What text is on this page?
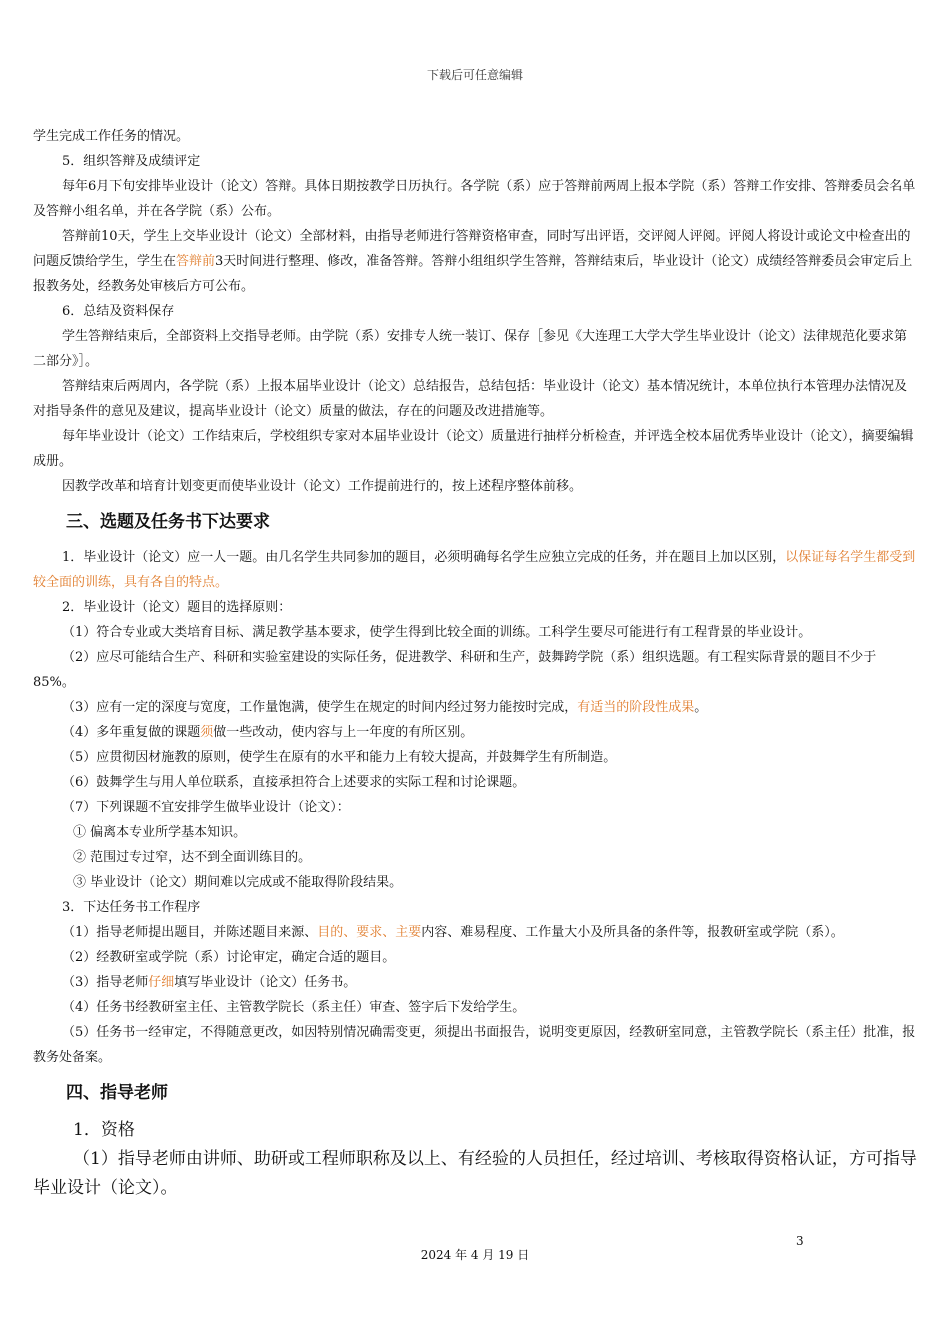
下载后可任意编辑

学生完成工作任务的情况。

5．组织答辩及成绩评定

每年6月下旬安排毕业设计（论文）答辩。具体日期按教学日历执行。各学院（系）应于答辩前两周上报本学院（系）答辩工作安排、答辩委员会名单及答辩小组名单，并在各学院（系）公布。

答辩前10天，学生上交毕业设计（论文）全部材料，由指导老师进行答辩资格审查，同时写出评语，交评阅人评阅。评阅人将设计或论文中检查出的问题反馈给学生，学生在答辩前3天时间进行整理、修改，准备答辩。答辩小组组织学生答辩，答辩结束后，毕业设计（论文）成绩经答辩委员会审定后上报教务处，经教务处审核后方可公布。

6．总结及资料保存

学生答辩结束后，全部资料上交指导老师。由学院（系）安排专人统一装订、保存［参见《大连理工大学大学生毕业设计（论文）法律规范化要求第二部分》］。

答辩结束后两周内，各学院（系）上报本届毕业设计（论文）总结报告，总结包括：毕业设计（论文）基本情况统计，本单位执行本管理办法情况及对指导条件的意见及建议，提高毕业设计（论文）质量的做法，存在的问题及改进措施等。

每年毕业设计（论文）工作结束后，学校组织专家对本届毕业设计（论文）质量进行抽样分析检查，并评选全校本届优秀毕业设计（论文），摘要编辑成册。

因教学改革和培育计划变更而使毕业设计（论文）工作提前进行的，按上述程序整体前移。

三、选题及任务书下达要求

1．毕业设计（论文）应一人一题。由几名学生共同参加的题目，必须明确每名学生应独立完成的任务，并在题目上加以区别，以保证每名学生都受到较全面的训练，具有各自的特点。

2．毕业设计（论文）题目的选择原则：

（1）符合专业或大类培育目标、满足教学基本要求，使学生得到比较全面的训练。工科学生要尽可能进行有工程背景的毕业设计。

（2）应尽可能结合生产、科研和实验室建设的实际任务，促进教学、科研和生产，鼓舞跨学院（系）组织选题。有工程实际背景的题目不少于85%。

（3）应有一定的深度与宽度，工作量饱满，使学生在规定的时间内经过努力能按时完成，有适当的阶段性成果。

（4）多年重复做的课题须做一些改动，使内容与上一年度的有所区别。

（5）应贯彻因材施教的原则，使学生在原有的水平和能力上有较大提高，并鼓舞学生有所制造。

（6）鼓舞学生与用人单位联系，直接承担符合上述要求的实际工程和讨论课题。

（7）下列课题不宜安排学生做毕业设计（论文）：

① 偏离本专业所学基本知识。

② 范围过专过窄，达不到全面训练目的。

③ 毕业设计（论文）期间难以完成或不能取得阶段结果。

3．下达任务书工作程序

（1）指导老师提出题目，并陈述题目来源、目的、要求、主要内容、难易程度、工作量大小及所具备的条件等，报教研室或学院（系）。

（2）经教研室或学院（系）讨论审定，确定合适的题目。

（3）指导老师仔细填写毕业设计（论文）任务书。

（4）任务书经教研室主任、主管教学院长（系主任）审查、签字后下发给学生。

（5）任务书一经审定，不得随意更改，如因特别情况确需变更，须提出书面报告，说明变更原因，经教研室同意，主管教学院长（系主任）批准，报教务处备案。

四、指导老师

1．资格

（1）指导老师由讲师、助研或工程师职称及以上、有经验的人员担任，经过培训、考核取得资格认证，方可指导毕业设计（论文）。

3
2024 年 4 月 19 日
